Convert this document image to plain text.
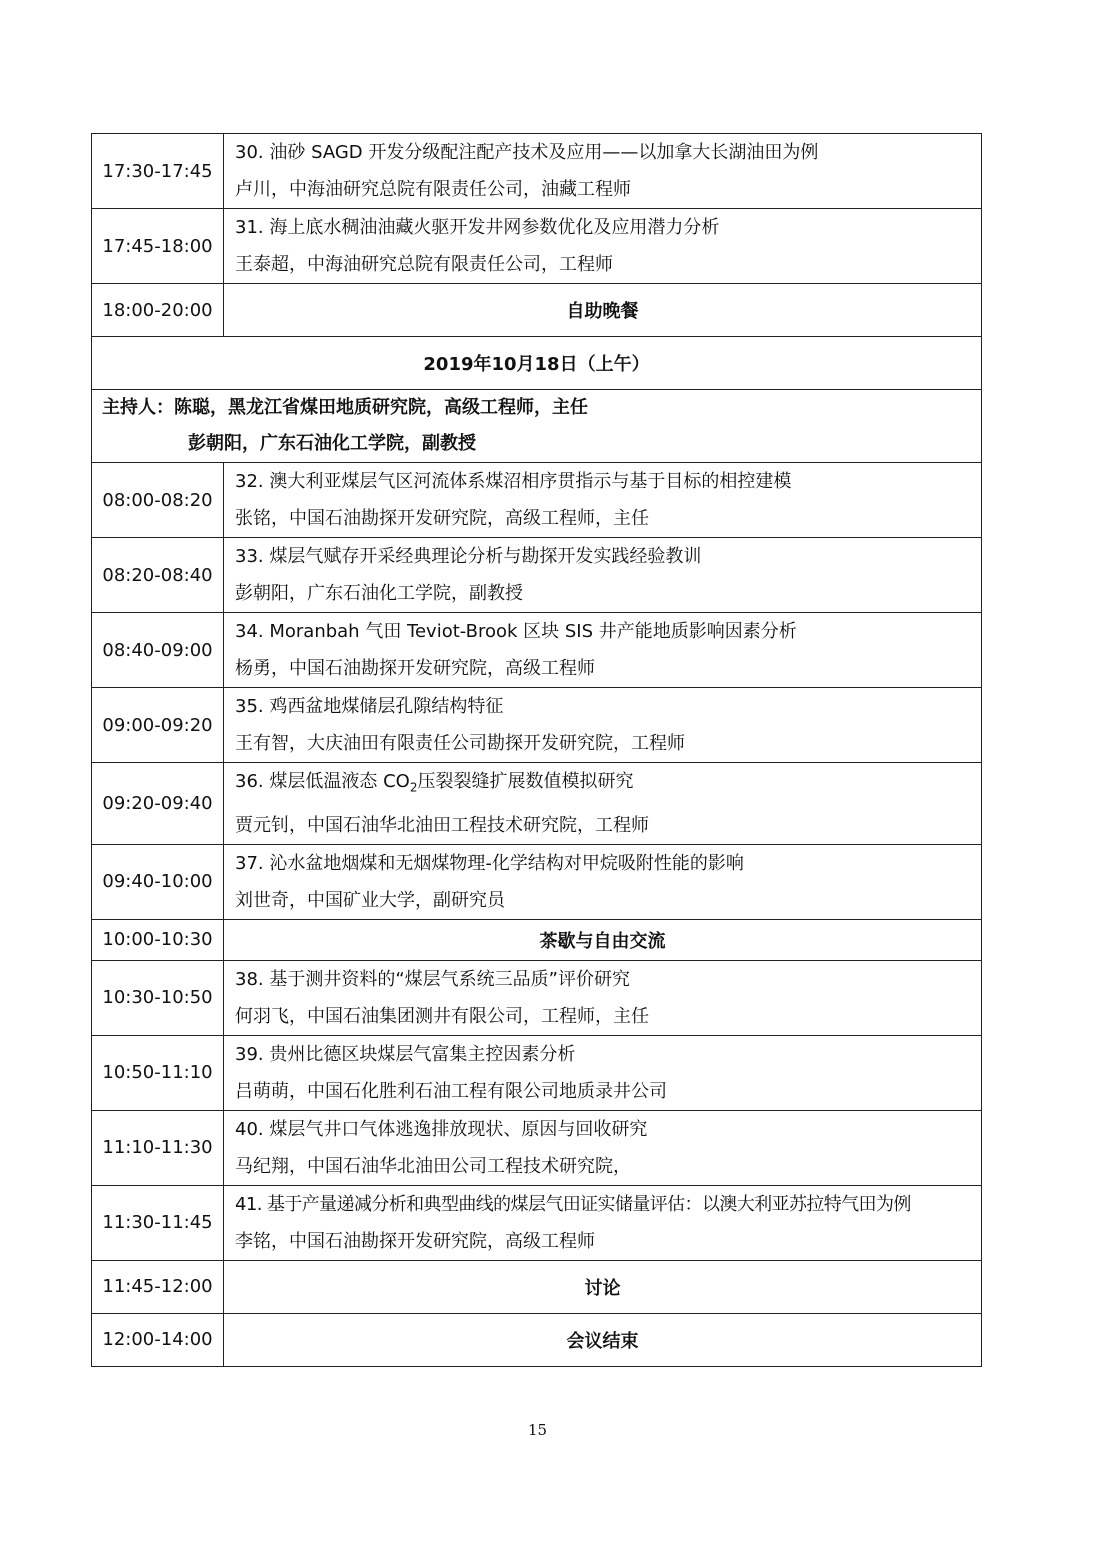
17:30-17:45	30. 油砂 SAGD 开发分级配注配产技术及应用——以加拿大长湖油田为例
卢川，中海油研究总院有限责任公司，油藏工程师

17:45-18:00	31. 海上底水稠油油藏火驱开发井网参数优化及应用潜力分析
王泰超，中海油研究总院有限责任公司，工程师

18:00-20:00	自助晚餐
2019年10月18日（上午）	

主持人：陈聪，黑龙江省煤田地质研究院，高级工程师，主任
彭朝阳，广东石油化工学院，副教授	

08:00-08:20	32. 澳大利亚煤层气区河流体系煤沼相序贯指示与基于目标的相控建模
张铭，中国石油勘探开发研究院，高级工程师，主任

08:20-08:40	33. 煤层气赋存开采经典理论分析与勘探开发实践经验教训
彭朝阳，广东石油化工学院，副教授

08:40-09:00	34. Moranbah 气田 Teviot-Brook 区块 SIS 井产能地质影响因素分析
杨勇，中国石油勘探开发研究院，高级工程师

09:00-09:20	35. 鸡西盆地煤储层孔隙结构特征
王有智，大庆油田有限责任公司勘探开发研究院，工程师

09:20-09:40	36. 煤层低温液态 $CO_2$压裂裂缝扩展数值模拟研究
贾元钊，中国石油华北油田工程技术研究院，工程师

09:40-10:00	37. 沁水盆地烟煤和无烟煤物理-化学结构对甲烷吸附性能的影响
刘世奇，中国矿业大学，副研究员

10:00-10:30	茶歇与自由交流
10:30-10:50	38. 基于测井资料的“煤层气系统三品质”评价研究
何羽飞，中国石油集团测井有限公司，工程师，主任

10:50-11:10	39. 贵州比德区块煤层气富集主控因素分析
吕萌萌，中国石化胜利石油工程有限公司地质录井公司

11:10-11:30	40. 煤层气井口气体逃逸排放现状、原因与回收研究
马纪翔，中国石油华北油田公司工程技术研究院，

11:30-11:45	41. 基于产量递减分析和典型曲线的煤层气田证实储量评估：以澳大利亚苏拉特气田为例
李铭，中国石油勘探开发研究院，高级工程师

11:45-12:00	讨论
12:00-14:00	会议结束
15
